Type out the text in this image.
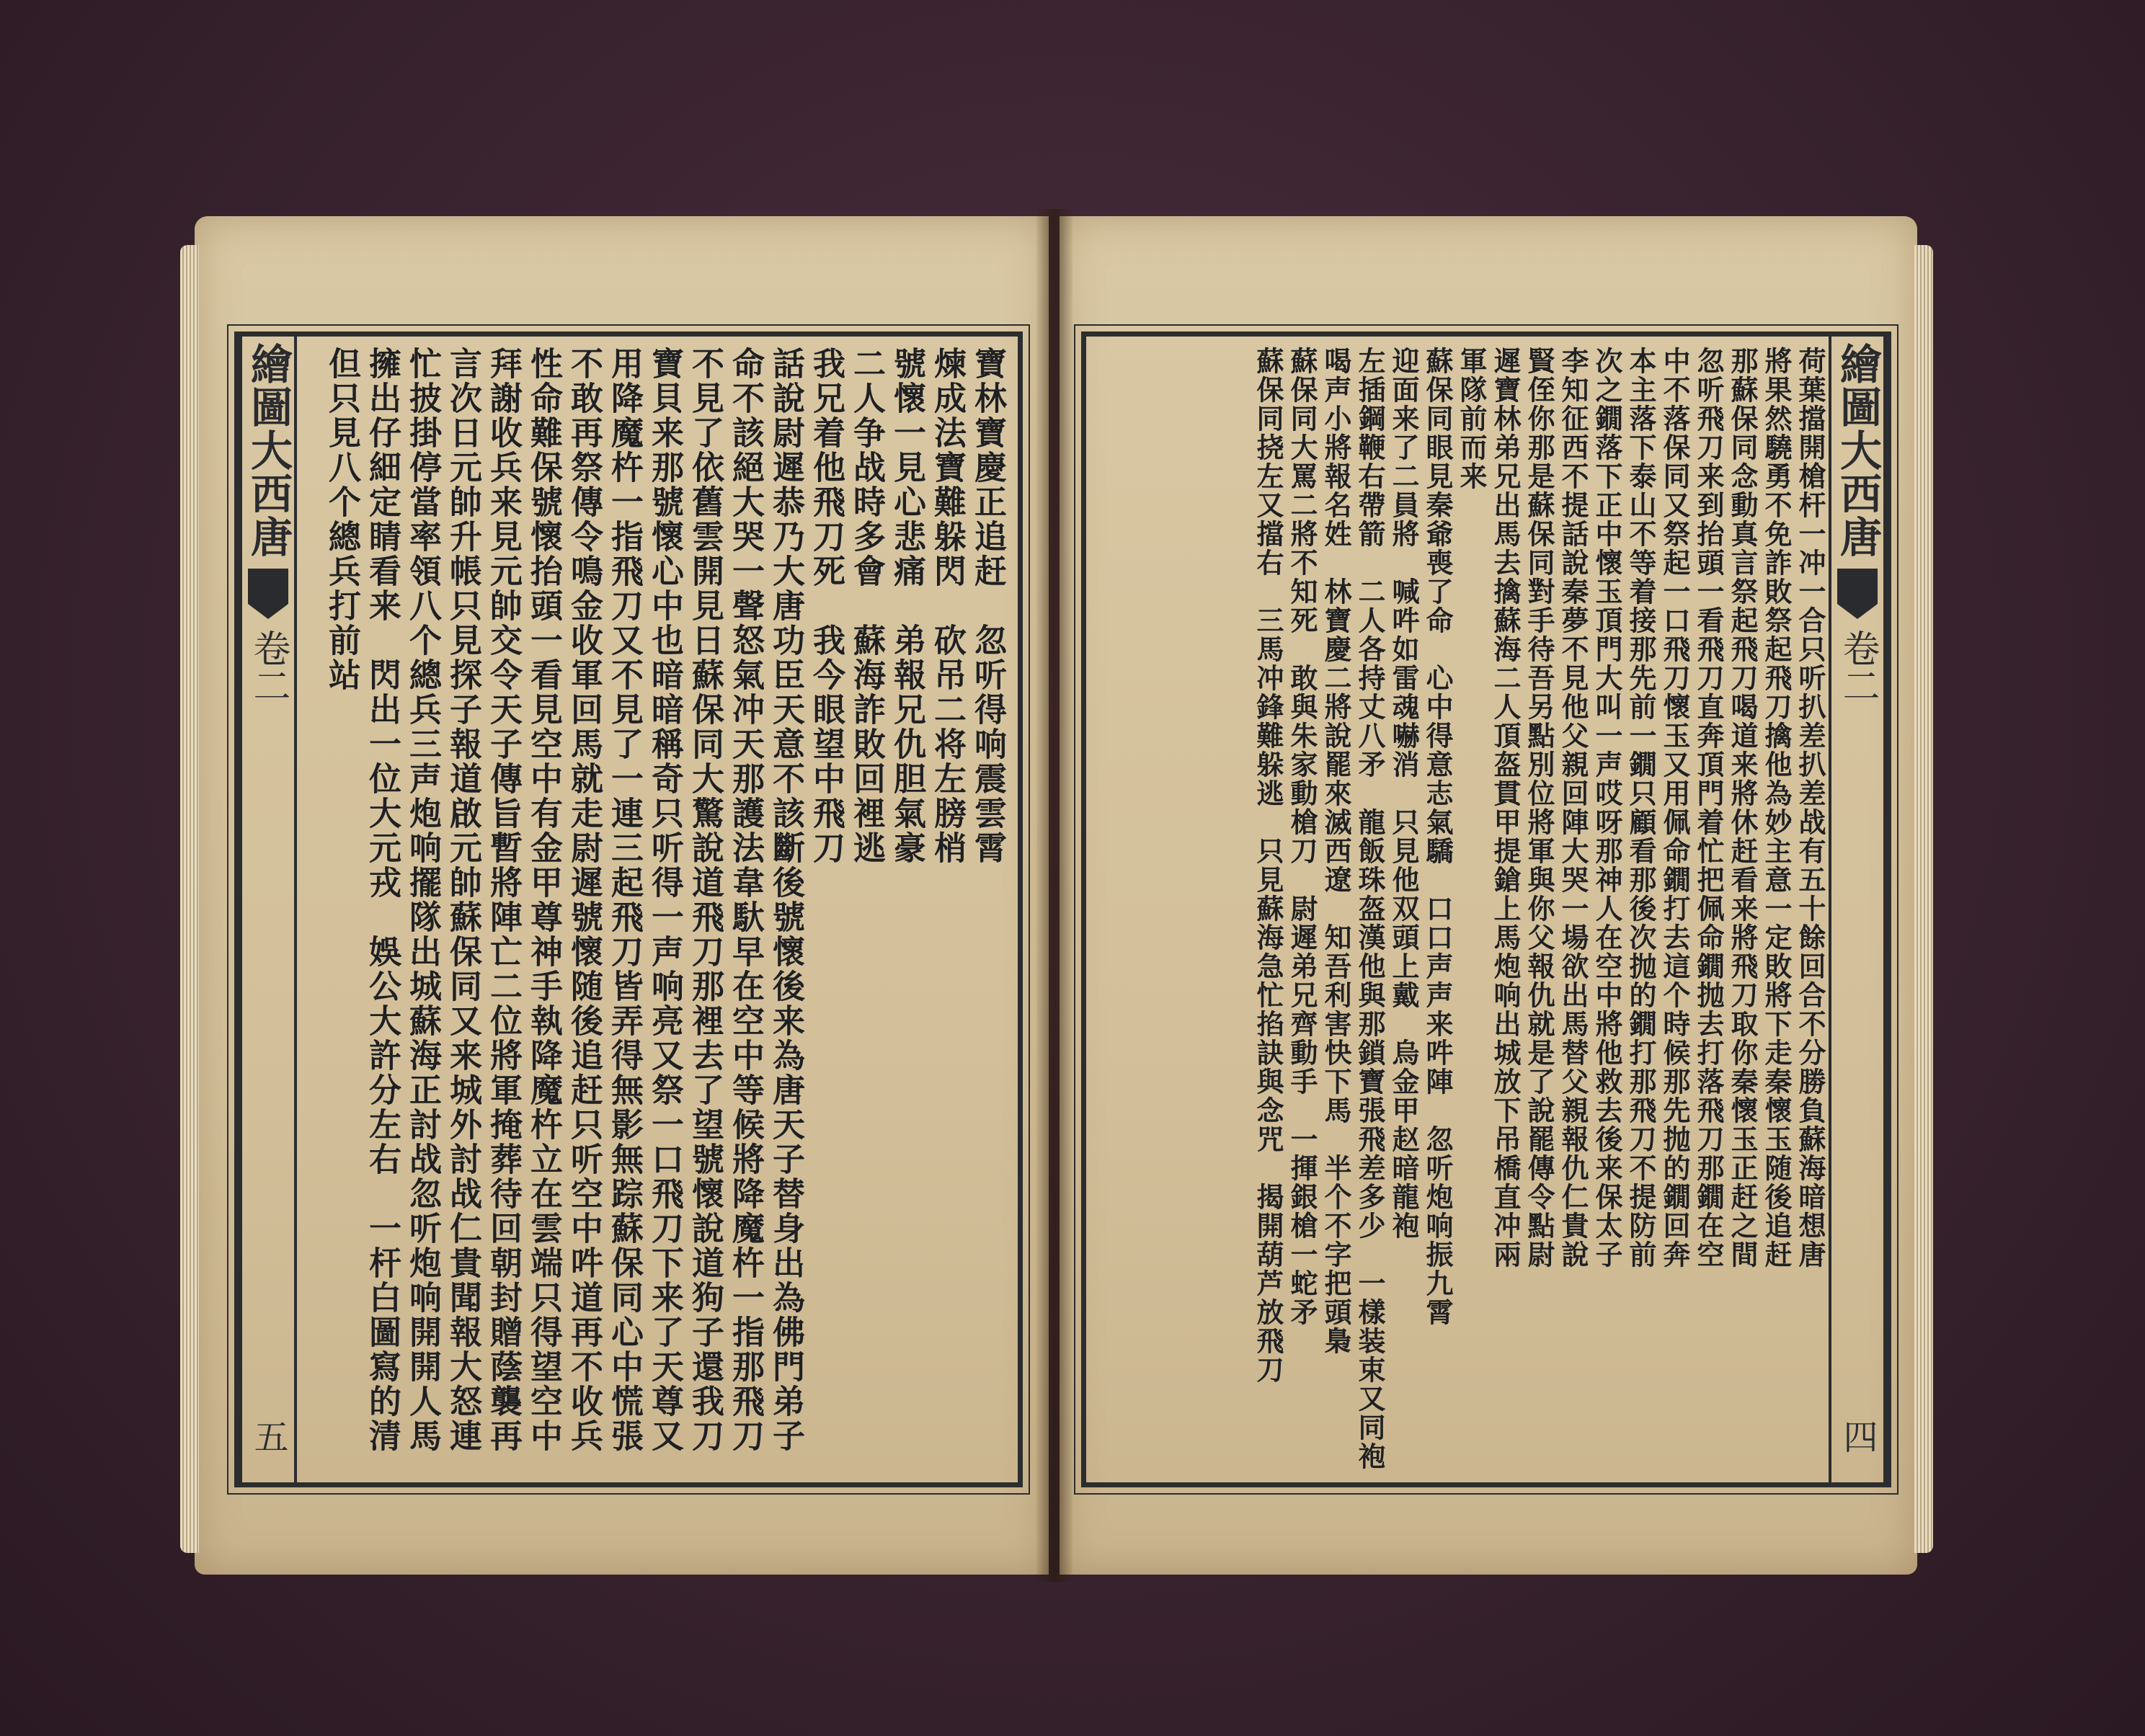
繪圖大西唐
卷二
五
寶林寶慶正追赶　忽听得响震雲霄
煉成法寶難躲閃　砍吊二将左膀梢
號懷一見心悲痛　弟報兄仇胆氣豪
二人争战時多會　蘇海詐敗回裡逃
我兄着他飛刀死　我今眼望中飛刀
話說尉遲恭乃大唐功臣天意不該斷後號懷後来為唐天子替身出為佛門弟子
命不該絕大哭一聲怒氣冲天那護法韋馱早在空中等候將降魔杵一指那飛刀
不見了依舊雲開見日蘇保同大驚說道飛刀那裡去了望號懷說道狗子還我刀
寶貝来那號懷心中也暗暗稱奇只听得一声响亮又祭一口飛刀下来了天尊又
用降魔杵一指飛刀又不見了一連三起飛刀皆弄得無影無踪蘇保同心中慌張
不敢再祭傳令鳴金收軍回馬就走尉遲號懷随後追赶只听空中吽道再不收兵
性命難保號懷抬頭一看見空中有金甲尊神手執降魔杵立在雲端只得望空中
拜謝收兵来見元帥交令天子傳旨暫將陣亡二位將軍掩葬待回朝封贈蔭襲再
言次日元帥升帳只見探子報道啟元帥蘇保同又来城外討战仁貴聞報大怒連
忙披掛停當率領八个總兵三声炮响擺隊出城蘇海正討战忽听炮响開開人馬
擁出仔細定睛看来　閃出一位大元戎　娛公大許分左右　一杆白圖寫的清
但只見八个總兵打前站	繪圖大西唐
卷二
四
荷葉擋開槍杆一冲一合只听扒差扒差战有五十餘回合不分勝負蘇海暗想唐
將果然驍勇不免詐敗祭起飛刀擒他為妙主意一定敗將下走秦懷玉随後追赶
那蘇保同念動真言祭起飛刀喝道来將休赶看来將飛刀取你秦懷玉正赶之間
忽听飛刀来到抬頭一看飛刀直奔頂門着忙把佩命鐗抛去打落飛刀那鐗在空
中不落保同又祭起一口飛刀懷玉又用佩命鐗打去這个時候那先抛的鐗回奔
本主落下泰山不等着接那先前一鐗只顧看那後次抛的鐗打那飛刀不提防前
次之鐗落下正中懷玉頂門大叫一声哎呀那神人在空中將他救去後来保太子
李知征西不提話說秦夢不見他父親回陣大哭一場欲出馬替父親報仇仁貴說
賢侄你那是蘇保同對手待吾另點別位將軍與你父報仇就是了說罷傳令點尉
遲寶林弟兄出馬去擒蘇海二人頂盔貫甲提鎗上馬炮响出城放下吊橋直冲兩
軍隊前而来
蘇保同眼見秦爺喪了命　心中得意志氣驕　口口声声来吽陣　忽听炮响振九霄
迎面来了二員將　喊吽如雷魂嚇消　只見他双頭上戴　烏金甲赵暗龍袍
左插鋼鞭右帶箭　二人各持丈八矛　龍飯珠盔漢他與那鎖寶張飛差多少　一樣装束又同袍
喝声小將報名姓　林寶慶二將說罷來滅西遼　知吾利害快下馬　半个不字把頭梟
蘇保同大罵二將不知死　敢與朱家動槍刀　尉遲弟兄齊動手　一揮銀槍一蛇矛
蘇保同挠左又擋右　三馬冲鋒難躲逃　只見蘇海急忙掐訣與念咒　揭開葫芦放飛刀
